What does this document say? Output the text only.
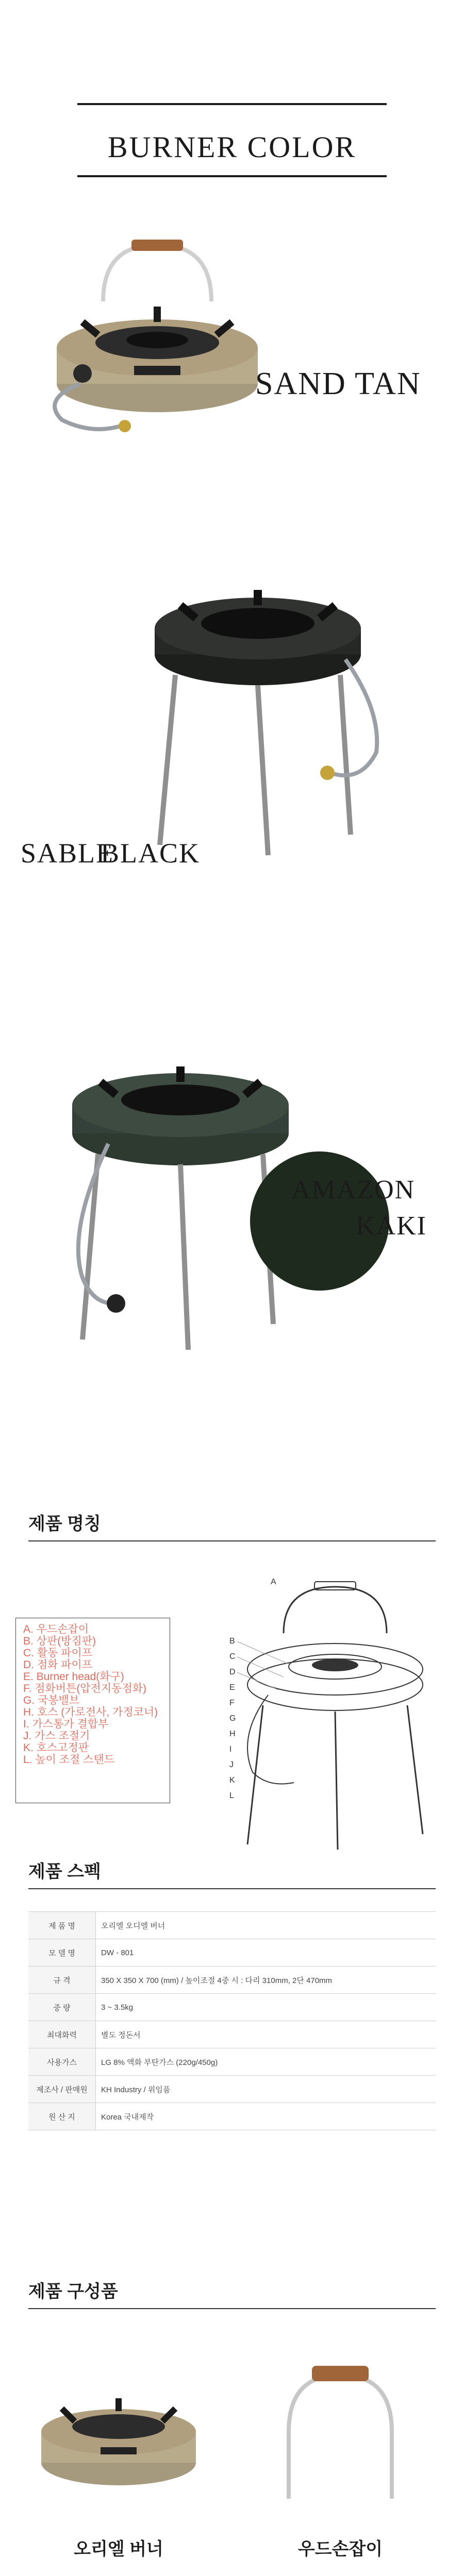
BURNER COLOR
SAND TAN
SABLE
BLACK
AMAZON
KAKI
제품 명칭
A. 우드손잡이
B. 상판(방짐판)
C. 활동 파이프
D. 점화 파이프
E. Burner head(화구)
F. 점화버튼(압전지동점화)
G. 국봉밸브
H. 호스 (가로전사, 가정코너)
I. 가스통가 결합부
J. 가스 조절기
K. 호스고정판
L. 높이 조절 스탠드
A
B
C
D
E
F
G
H
I
J
K
L
제품 스펙
제 품 명	오리엘 오디엘 버너
모 델 명	DW - 801
규 격	350 X 350 X 700 (mm) / 높이조절 4중 시 : 다리 310mm, 2단 470mm
중 량	3 ~ 3.5kg
최대화력	별도 정돈서
사용가스	LG 8% 액화 부탄가스 (220g/450g)
제조사 / 판매원	KH Industry / 위임품
원 산 지	Korea 국내제작
제품 구성품
오리엘 버너	우드손잡이
